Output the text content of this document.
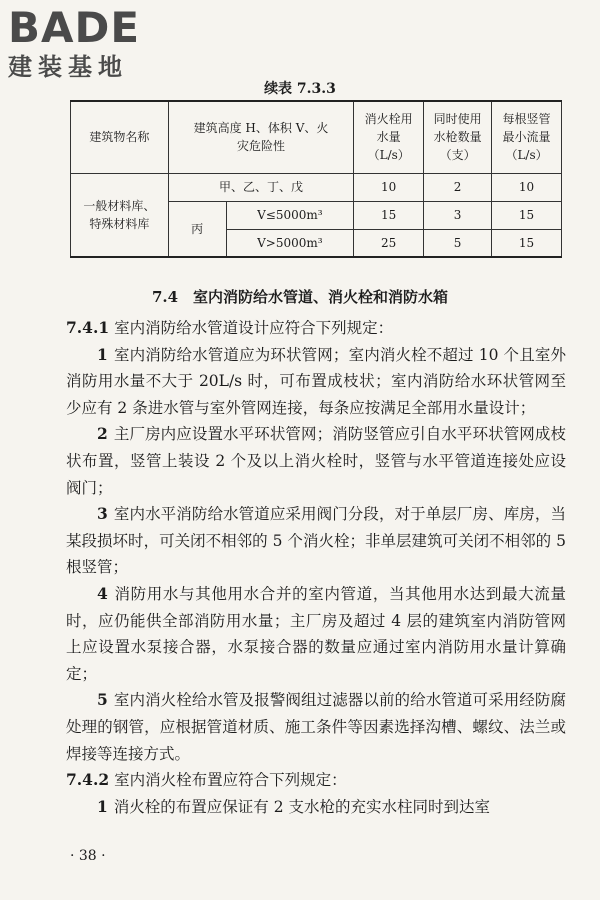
BADE
建装基地
续表 7.3.3
建筑物名称	建筑高度 H、体积 V、火灾危险性		消火栓用水量（L/s）	同时使用水枪数量（支）	每根竖管最小流量（L/s）
一般材料库、特殊材料库	甲、乙、丁、戊		10	2	10
	丙	V≤5000m³	15	3	15
		V>5000m³	25	5	15
7.4　室内消防给水管道、消火栓和消防水箱

7.4.1 室内消防给水管道设计应符合下列规定：

1 室内消防给水管道应为环状管网；室内消火栓不超过 10 个且室外消防用水量不大于 20L/s 时，可布置成枝状；室内消防给水环状管网至少应有 2 条进水管与室外管网连接，每条应按满足全部用水量设计；

2 主厂房内应设置水平环状管网；消防竖管应引自水平环状管网成枝状布置，竖管上装设 2 个及以上消火栓时，竖管与水平管道连接处应设阀门；

3 室内水平消防给水管道应采用阀门分段，对于单层厂房、库房，当某段损坏时，可关闭不相邻的 5 个消火栓；非单层建筑可关闭不相邻的 5 根竖管；

4 消防用水与其他用水合并的室内管道，当其他用水达到最大流量时，应仍能供全部消防用水量；主厂房及超过 4 层的建筑室内消防管网上应设置水泵接合器，水泵接合器的数量应通过室内消防用水量计算确定；

5 室内消火栓给水管及报警阀组过滤器以前的给水管道可采用经防腐处理的钢管，应根据管道材质、施工条件等因素选择沟槽、螺纹、法兰或焊接等连接方式。

7.4.2 室内消火栓布置应符合下列规定：

1 消火栓的布置应保证有 2 支水枪的充实水柱同时到达室

· 38 ·
